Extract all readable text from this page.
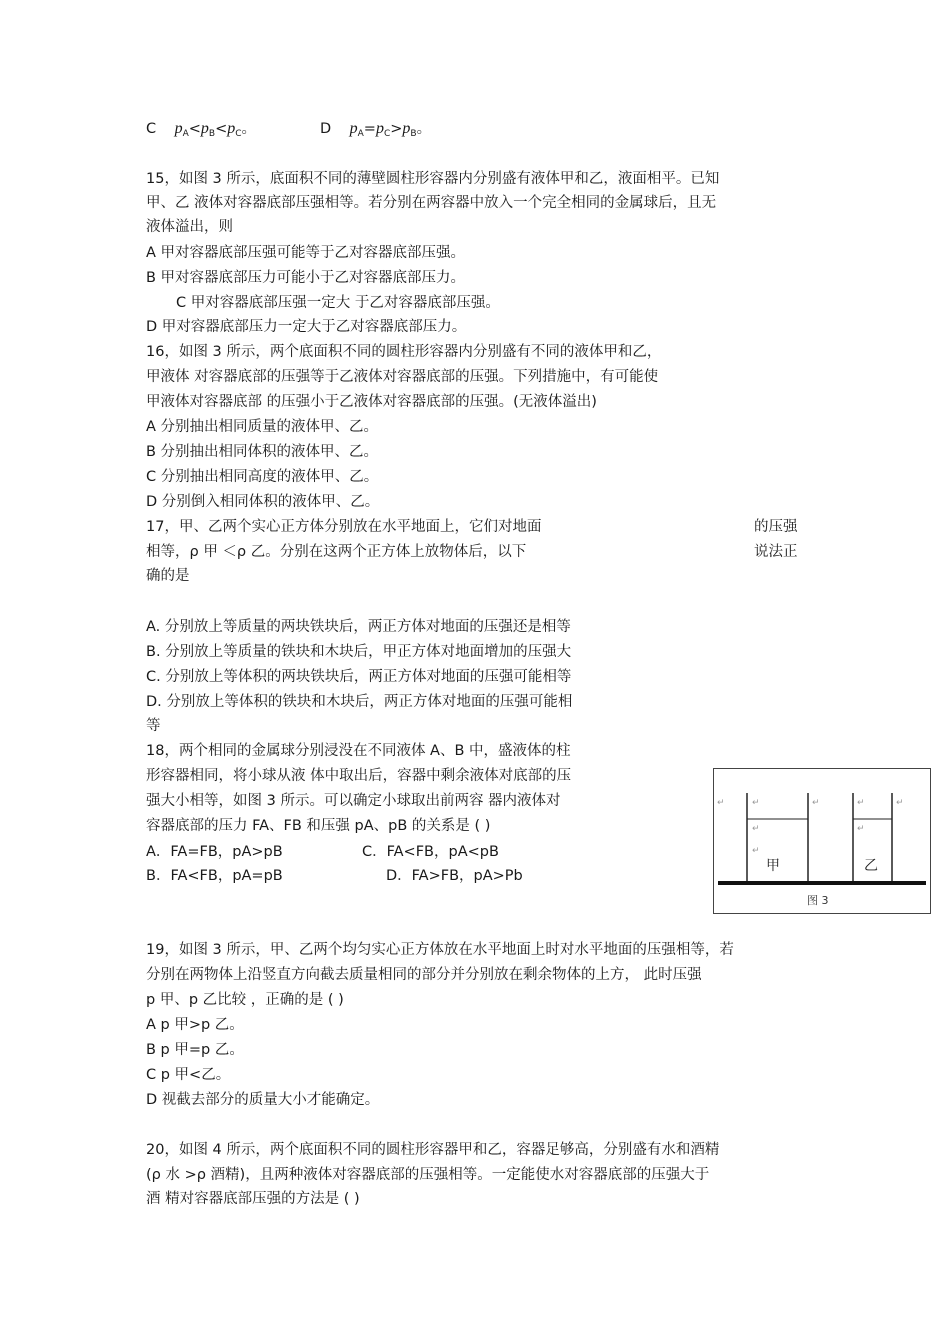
C $p_A<p_B<p_C$。	D $p_A=p_C>p_B$。
15，如图 3 所示，底面积不同的薄壁圆柱形容器内分别盛有液体甲和乙，液面相平。已知
甲、乙 液体对容器底部压强相等。若分别在两容器中放入一个完全相同的金属球后，且无
液体溢出，则
A 甲对容器底部压强可能等于乙对容器底部压强。
B 甲对容器底部压力可能小于乙对容器底部压力。
C 甲对容器底部压强一定大 于乙对容器底部压强。
D 甲对容器底部压力一定大于乙对容器底部压力。
16，如图 3 所示，两个底面积不同的圆柱形容器内分别盛有不同的液体甲和乙，
甲液体 对容器底部的压强等于乙液体对容器底部的压强。下列措施中，有可能使
甲液体对容器底部 的压强小于乙液体对容器底部的压强。(无液体溢出)
A 分别抽出相同质量的液体甲、乙。
B 分别抽出相同体积的液体甲、乙。
C 分别抽出相同高度的液体甲、乙。
D 分别倒入相同体积的液体甲、乙。
17，甲、乙两个实心正方体分别放在水平地面上，它们对地面	的压强
相等，ρ 甲 ＜ρ 乙。分别在这两个正方体上放物体后，以下	说法正
确的是
A. 分别放上等质量的两块铁块后，两正方体对地面的压强还是相等
B. 分别放上等质量的铁块和木块后，甲正方体对地面增加的压强大
C. 分别放上等体积的两块铁块后，两正方体对地面的压强可能相等
D. 分别放上等体积的铁块和木块后，两正方体对地面的压强可能相
等
18，两个相同的金属球分别浸没在不同液体 A、B 中，盛液体的柱
形容器相同，将小球从液 体中取出后，容器中剩余液体对底部的压
强大小相等，如图 3 所示。可以确定小球取出前两容 器内液体对
容器底部的压力 FA、FB 和压强 pA、pB 的关系是 ( )
A．FA=FB，pA>pB	C．FA<FB，pA<pB
B．FA<FB，pA=pB	D．FA>FB，pA>Pb
↵	↵
↵
↵
↵	↵
↵
↵
甲	乙
图 3
19，如图 3 所示，甲、乙两个均匀实心正方体放在水平地面上时对水平地面的压强相等，若
分别在两物体上沿竖直方向截去质量相同的部分并分别放在剩余物体的上方， 此时压强
p 甲、p 乙比较 ，正确的是 ( )
A p 甲>p 乙。
B p 甲=p 乙。
C p 甲<乙。
D 视截去部分的质量大小才能确定。
20，如图 4 所示，两个底面积不同的圆柱形容器甲和乙，容器足够高，分别盛有水和酒精
(ρ 水 >ρ 酒精)，且两种液体对容器底部的压强相等。一定能使水对容器底部的压强大于
酒 精对容器底部压强的方法是 ( )
